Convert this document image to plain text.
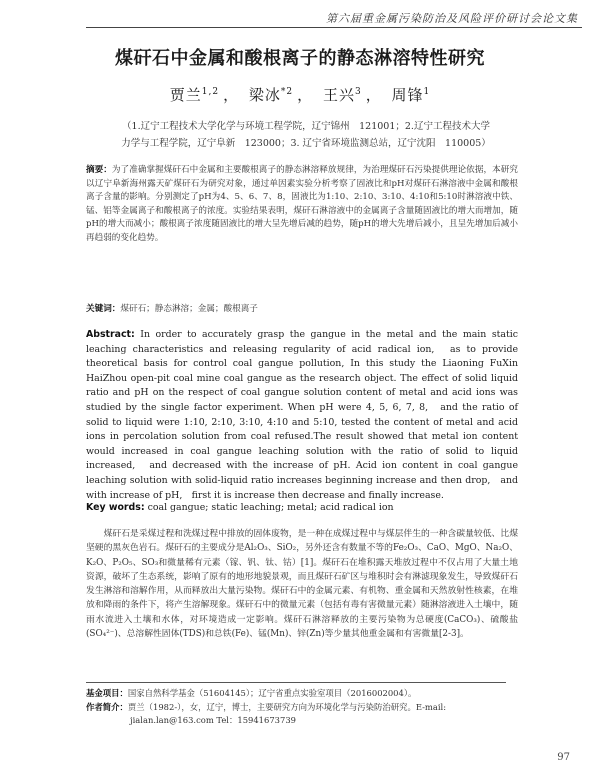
第六届重金属污染防治及风险评价研讨会论文集
煤矸石中金属和酸根离子的静态淋溶特性研究
贾兰$^{1,2}$ ， 梁冰$^{*2}$ ， 王兴$^3$ ， 周锋$^1$
（1.辽宁工程技术大学化学与环境工程学院，辽宁锦州　121001；2.辽宁工程技术大学
力学与工程学院，辽宁阜新　123000；3. 辽宁省环境监测总站，辽宁沈阳　110005）
摘要：为了准确掌握煤矸石中金属和主要酸根离子的静态淋溶释放规律，为治理煤矸石污染提供理论依据，本研究以辽宁阜新海州露天矿煤矸石为研究对象，通过单因素实验分析考察了固液比和pH对煤矸石淋溶液中金属和酸根离子含量的影响。分别测定了pH为4、5、6、7、8，固液比为1:10、2:10、3:10、4:10和5:10时淋溶液中铁、锰、铝等金属离子和酸根离子的浓度。实验结果表明，煤矸石淋溶液中的金属离子含量随固液比的增大而增加，随pH的增大而减小；酸根离子浓度随固液比的增大呈先增后减的趋势，随pH的增大先增后减小，且呈先增加后减小再趋弱的变化趋势。
关键词：煤矸石；静态淋溶；金属；酸根离子
Abstract: In order to accurately grasp the gangue in the metal and the main static leaching characteristics and releasing regularity of acid radical ion,　as to provide theoretical basis for control coal gangue pollution, In this study the Liaoning FuXin HaiZhou open-pit coal mine coal gangue as the research object. The effect of solid liquid ratio and pH on the respect of coal gangue solution content of metal and acid ions was studied by the single factor experiment. When pH were 4, 5, 6, 7, 8,　and the ratio of solid to liquid were 1:10, 2:10, 3:10, 4:10 and 5:10, tested the content of metal and acid ions in percolation solution from coal refused.The result showed that metal ion content would increased in coal gangue leaching solution with the ratio of solid to liquid increased,　and decreased with the increase of pH. Acid ion content in coal gangue leaching solution with solid-liquid ratio increases beginning increase and then drop,　and with increase of pH,　first it is increase then decrease and finally increase.
Key words: coal gangue; static leaching; metal; acid radical ion
煤矸石是采煤过程和洗煤过程中排放的固体废物，是一种在成煤过程中与煤层伴生的一种含碳量较低、比煤坚硬的黑灰色岩石。煤矸石的主要成分是Al₂O₃、SiO₂，另外还含有数量不等的Fe₂O₃、CaO、MgO、Na₂O、K₂O、P₂O₅、SO₃和微量稀有元素（镓、钒、钛、钴）[1]。煤矸石在堆积露天堆放过程中不仅占用了大量土地资源，破坏了生态系统，影响了原有的地形地貌景观，而且煤矸石矿区与堆积时会有淋滤现象发生，导致煤矸石发生淋溶和溶解作用，从而释放出大量污染物。煤矸石中的金属元素、有机物、重金属和天然放射性核素，在堆放和降雨的条件下，将产生溶解现象。煤矸石中的微量元素（包括有毒有害微量元素）随淋溶液进入土壤中，随雨水流进入土壤和水体，对环境造成一定影响。煤矸石淋溶释放的主要污染物为总硬度(CaCO₃)、硫酸盐(SO₄²⁻)、总溶解性固体(TDS)和总铁(Fe)、锰(Mn)、锌(Zn)等少量其他重金属和有害微量[2-3]。
基金项目：国家自然科学基金（51604145）；辽宁省重点实验室项目（2016002004）。
作者简介：贾兰（1982-），女，辽宁，博士，主要研究方向为环境化学与污染防治研究。E-mail:
jialan.lan@163.com Tel：15941673739
97
